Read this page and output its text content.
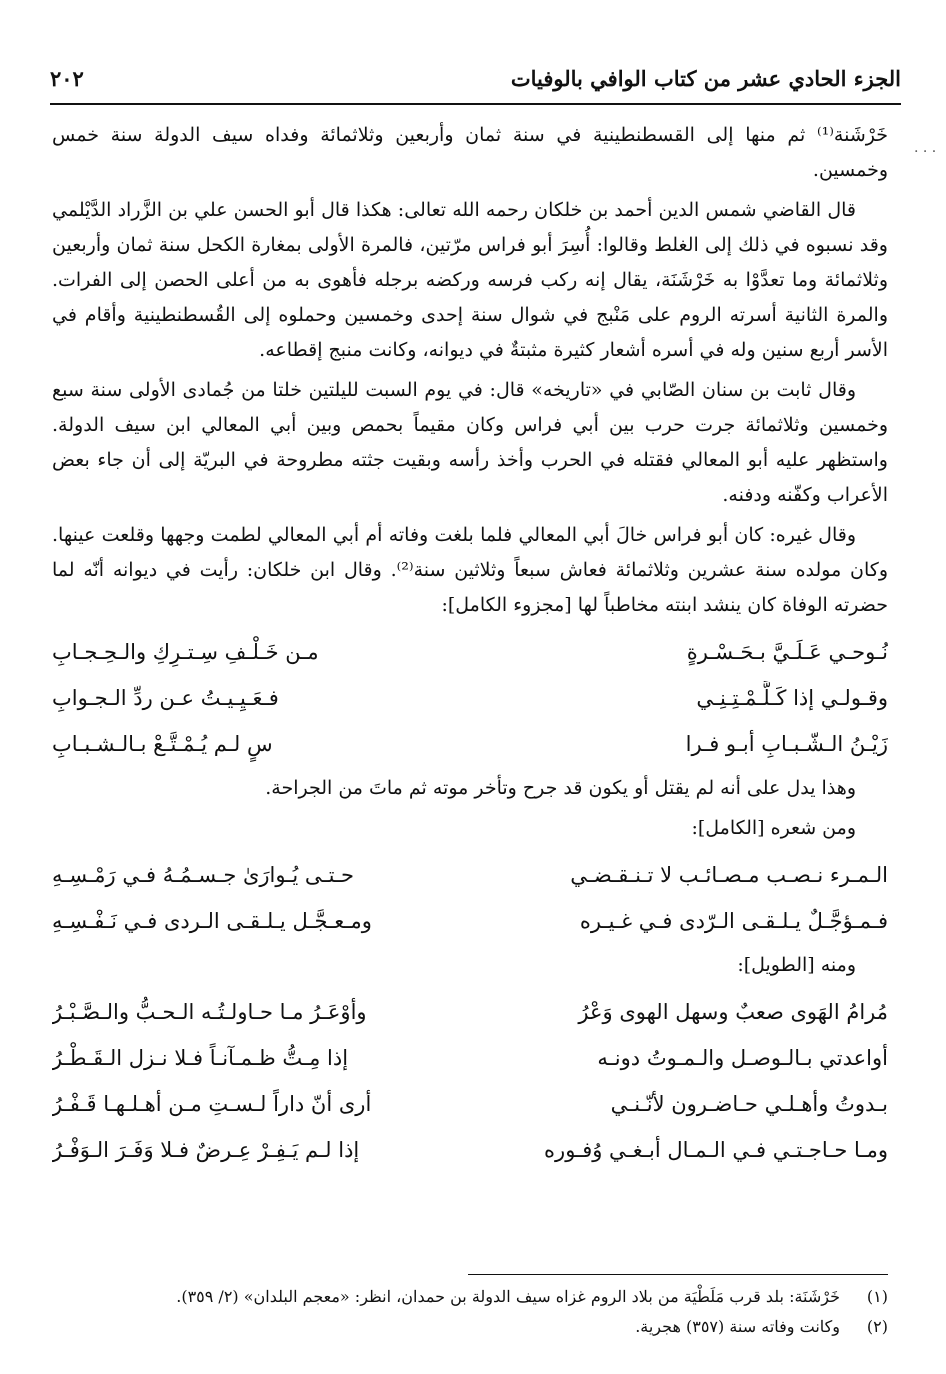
الجزء الحادي عشر من كتاب الوافي بالوفيات
٢٠٢
. . .

خَرْشَنة⁽¹⁾ ثم منها إلى القسطنطينية في سنة ثمان وأربعين وثلاثمائة وفداه سيف الدولة سنة خمس وخمسين.

قال القاضي شمس الدين أحمد بن خلكان رحمه الله تعالى: هكذا قال أبو الحسن علي بن الزَّراد الدَّيْلمي وقد نسبوه في ذلك إلى الغلط وقالوا: أُسِرَ أبو فراس مرّتين، فالمرة الأولى بمغارة الكحل سنة ثمان وأربعين وثلاثمائة وما تعدَّوْا به خَرْشَنَة، يقال إنه ركب فرسه وركضه برجله فأهوى به من أعلى الحصن إلى الفرات. والمرة الثانية أسرته الروم على مَنْبج في شوال سنة إحدى وخمسين وحملوه إلى القُسطنطينية وأقام في الأسر أربع سنين وله في أسره أشعار كثيرة مثبتةٌ في ديوانه، وكانت منبج إقطاعه.

وقال ثابت بن سنان الصّابي في «تاريخه» قال: في يوم السبت لليلتين خلتا من جُمادى الأولى سنة سبع وخمسين وثلاثمائة جرت حرب بين أبي فراس وكان مقيماً بحمص وبين أبي المعالي ابن سيف الدولة. واستظهر عليه أبو المعالي فقتله في الحرب وأخذ رأسه وبقيت جثته مطروحة في البريّة إلى أن جاء بعض الأعراب وكفّنه ودفنه.

وقال غيره: كان أبو فراس خالَ أبي المعالي فلما بلغت وفاته أم أبي المعالي لطمت وجهها وقلعت عينها. وكان مولده سنة عشرين وثلاثمائة فعاش سبعاً وثلاثين سنة⁽²⁾. وقال ابن خلكان: رأيت في ديوانه أنّه لما حضرته الوفاة كان ينشد ابنته مخاطباً لها [مجزوء الكامل]:

نُـوحـي عَـلَـيَّ بـحَـسْـرةٍ
مـن خَـلْـفِ سِـتـرِكِ والـحِـجـابِ
وقـولـي إذا كَـلَّـمْـتِـنِـي
فـعَـيِـيـتُ عـن ردِّ الـجـوابِ
زَيْـنُ الـشّـبـابِ أبـو فـرا
سٍ لـم يُـمْـتَّـعْ بـالـشـبـابِ

وهذا يدل على أنه لم يقتل أو يكون قد جرح وتأخر موته ثم ماتَ من الجراحة.

ومن شعره [الكامل]:

الـمـرء نـصـب مـصـائـب لا تـنـقـضـي
حـتـى يُـوارَىٰ جـسـمُـهُ فـي رَمْـسِـهِ
فـمـؤجَّـلٌ يـلـقـى الـرّدى فـي غـيـره
ومـعـجَّـل يـلـقـى الـردى فـي نَـفْـسِـهِ

ومنه [الطويل]:

مُرامُ الهَوى صعبٌ وسهل الهوى وَعْرُ
وأوْعَـرُ مـا حـاولـتُـه الـحـبُّ والـصَّـبْـرُ
أواعدتي بـالـوصـل والـمـوتُ دونـه
إذا مِـتُّ ظـمـآنـاً فـلا نـزل الـقَـطْـرُ
بـدوتُ وأهـلـي حـاضـرون لأنّـنـي
أرى أنّ داراً لـسـتِ مـن أهـلـهـا قَـفْـرُ
ومـا حـاجـتـي فـي الـمـال أبـغـي وُفـوره
إذا لـم يَـفِـرْ عِـرضٌ فـلا وَفَـرَ الـوَفْـرُ
(١)
خَرْشَنَة: بلد قرب مَلَطْيَة من بلاد الروم غزاه سيف الدولة بن حمدان، انظر: «معجم البلدان» (٢/ ٣٥٩).
(٢)
وكانت وفاته سنة (٣٥٧) هجرية.
